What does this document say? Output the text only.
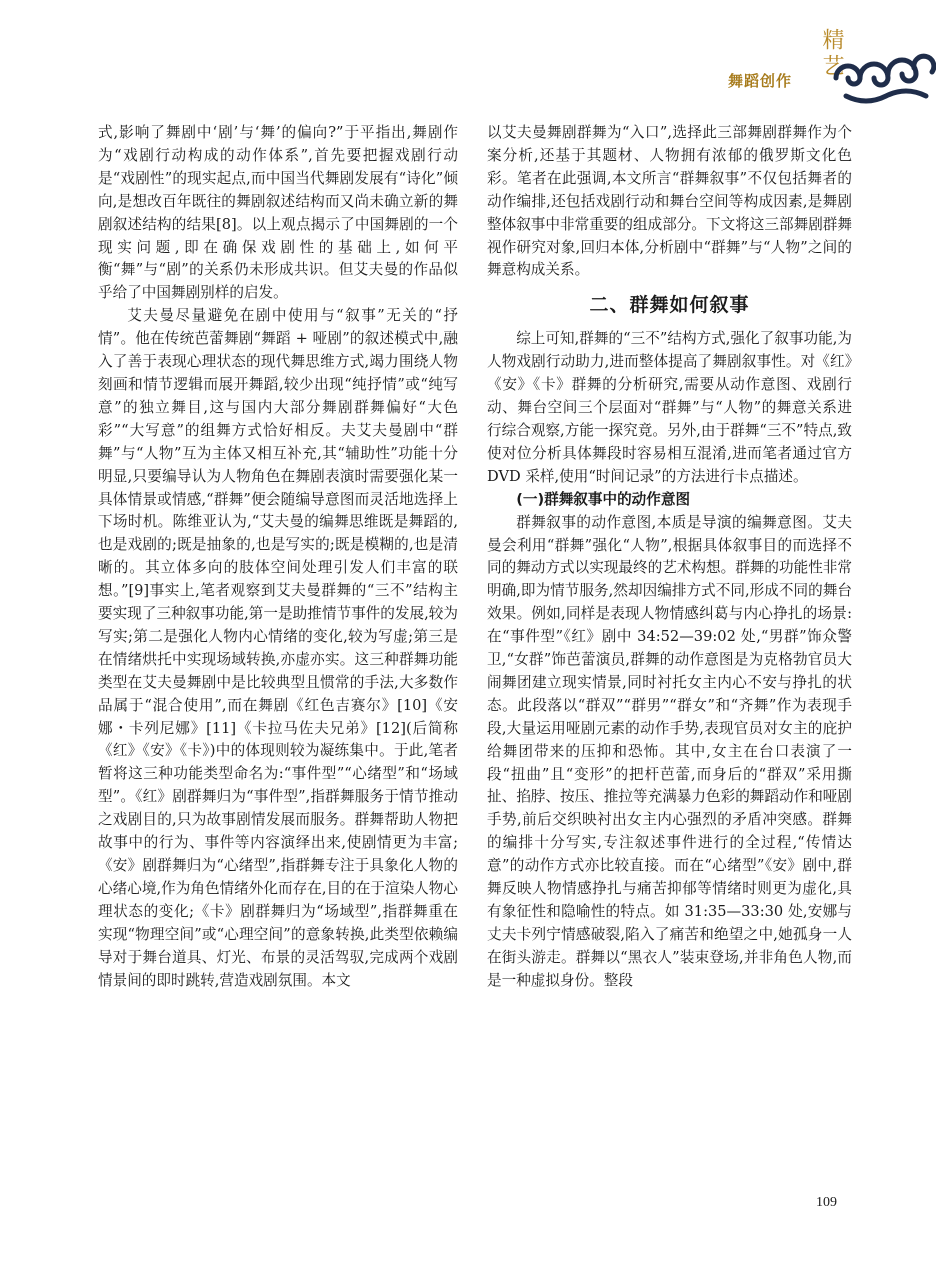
舞蹈创作
精艺

式,影响了舞剧中‘剧’与‘舞’的偏向?”于平指出,舞剧作为“戏剧行动构成的动作体系”,首先要把握戏剧行动是“戏剧性”的现实起点,而中国当代舞剧发展有“诗化”倾向,是想改百年既往的舞剧叙述结构而又尚未确立新的舞剧叙述结构的结果[8]。以上观点揭示了中国舞剧的一个现实问题,即在确保戏剧性的基础上,如何平衡“舞”与“剧”的关系仍未形成共识。但艾夫曼的作品似乎给了中国舞剧别样的启发。

艾夫曼尽量避免在剧中使用与“叙事”无关的“抒情”。他在传统芭蕾舞剧“舞蹈 + 哑剧”的叙述模式中,融入了善于表现心理状态的现代舞思维方式,竭力围绕人物刻画和情节逻辑而展开舞蹈,较少出现“纯抒情”或“纯写意”的独立舞目,这与国内大部分舞剧群舞偏好“大色彩”“大写意”的组舞方式恰好相反。夫艾夫曼剧中“群舞”与“人物”互为主体又相互补充,其“辅助性”功能十分明显,只要编导认为人物角色在舞剧表演时需要强化某一具体情景或情感,“群舞”便会随编导意图而灵活地选择上下场时机。陈维亚认为,“艾夫曼的编舞思维既是舞蹈的,也是戏剧的;既是抽象的,也是写实的;既是模糊的,也是清晰的。其立体多向的肢体空间处理引发人们丰富的联想。”[9]事实上,笔者观察到艾夫曼群舞的“三不”结构主要实现了三种叙事功能,第一是助推情节事件的发展,较为写实;第二是强化人物内心情绪的变化,较为写虚;第三是在情绪烘托中实现场域转换,亦虚亦实。这三种群舞功能类型在艾夫曼舞剧中是比较典型且惯常的手法,大多数作品属于“混合使用”,而在舞剧《红色吉赛尔》[10]《安娜・卡列尼娜》[11]《卡拉马佐夫兄弟》[12](后简称《红》《安》《卡》)中的体现则较为凝练集中。于此,笔者暂将这三种功能类型命名为:“事件型”“心绪型”和“场域型”。《红》剧群舞归为“事件型”,指群舞服务于情节推动之戏剧目的,只为故事剧情发展而服务。群舞帮助人物把故事中的行为、事件等内容演绎出来,使剧情更为丰富;《安》剧群舞归为“心绪型”,指群舞专注于具象化人物的心绪心境,作为角色情绪外化而存在,目的在于渲染人物心理状态的变化;《卡》剧群舞归为“场域型”,指群舞重在实现“物理空间”或“心理空间”的意象转换,此类型依赖编导对于舞台道具、灯光、布景的灵活驾驭,完成两个戏剧情景间的即时跳转,营造戏剧氛围。本文

以艾夫曼舞剧群舞为“入口”,选择此三部舞剧群舞作为个案分析,还基于其题材、人物拥有浓郁的俄罗斯文化色彩。笔者在此强调,本文所言“群舞叙事”不仅包括舞者的动作编排,还包括戏剧行动和舞台空间等构成因素,是舞剧整体叙事中非常重要的组成部分。下文将这三部舞剧群舞视作研究对象,回归本体,分析剧中“群舞”与“人物”之间的舞意构成关系。

二、群舞如何叙事

综上可知,群舞的“三不”结构方式,强化了叙事功能,为人物戏剧行动助力,进而整体提高了舞剧叙事性。对《红》《安》《卡》群舞的分析研究,需要从动作意图、戏剧行动、舞台空间三个层面对“群舞”与“人物”的舞意关系进行综合观察,方能一探究竟。另外,由于群舞“三不”特点,致使对位分析具体舞段时容易相互混淆,进而笔者通过官方 DVD 采样,使用“时间记录”的方法进行卡点描述。

(一)群舞叙事中的动作意图

群舞叙事的动作意图,本质是导演的编舞意图。艾夫曼会利用“群舞”强化“人物”,根据具体叙事目的而选择不同的舞动方式以实现最终的艺术构想。群舞的功能性非常明确,即为情节服务,然却因编排方式不同,形成不同的舞台效果。例如,同样是表现人物情感纠葛与内心挣扎的场景:在“事件型”《红》剧中 34:52—39:02 处,“男群”饰众警卫,“女群”饰芭蕾演员,群舞的动作意图是为克格勃官员大闹舞团建立现实情景,同时衬托女主内心不安与挣扎的状态。此段落以“群双”“群男”“群女”和“齐舞”作为表现手段,大量运用哑剧元素的动作手势,表现官员对女主的庇护给舞团带来的压抑和恐怖。其中,女主在台口表演了一段“扭曲”且“变形”的把杆芭蕾,而身后的“群双”采用撕扯、掐脖、按压、推拉等充满暴力色彩的舞蹈动作和哑剧手势,前后交织映衬出女主内心强烈的矛盾冲突感。群舞的编排十分写实,专注叙述事件进行的全过程,“传情达意”的动作方式亦比较直接。而在“心绪型”《安》剧中,群舞反映人物情感挣扎与痛苦抑郁等情绪时则更为虚化,具有象征性和隐喻性的特点。如 31:35—33:30 处,安娜与丈夫卡列宁情感破裂,陷入了痛苦和绝望之中,她孤身一人在街头游走。群舞以“黑衣人”装束登场,并非角色人物,而是一种虚拟身份。整段

109
